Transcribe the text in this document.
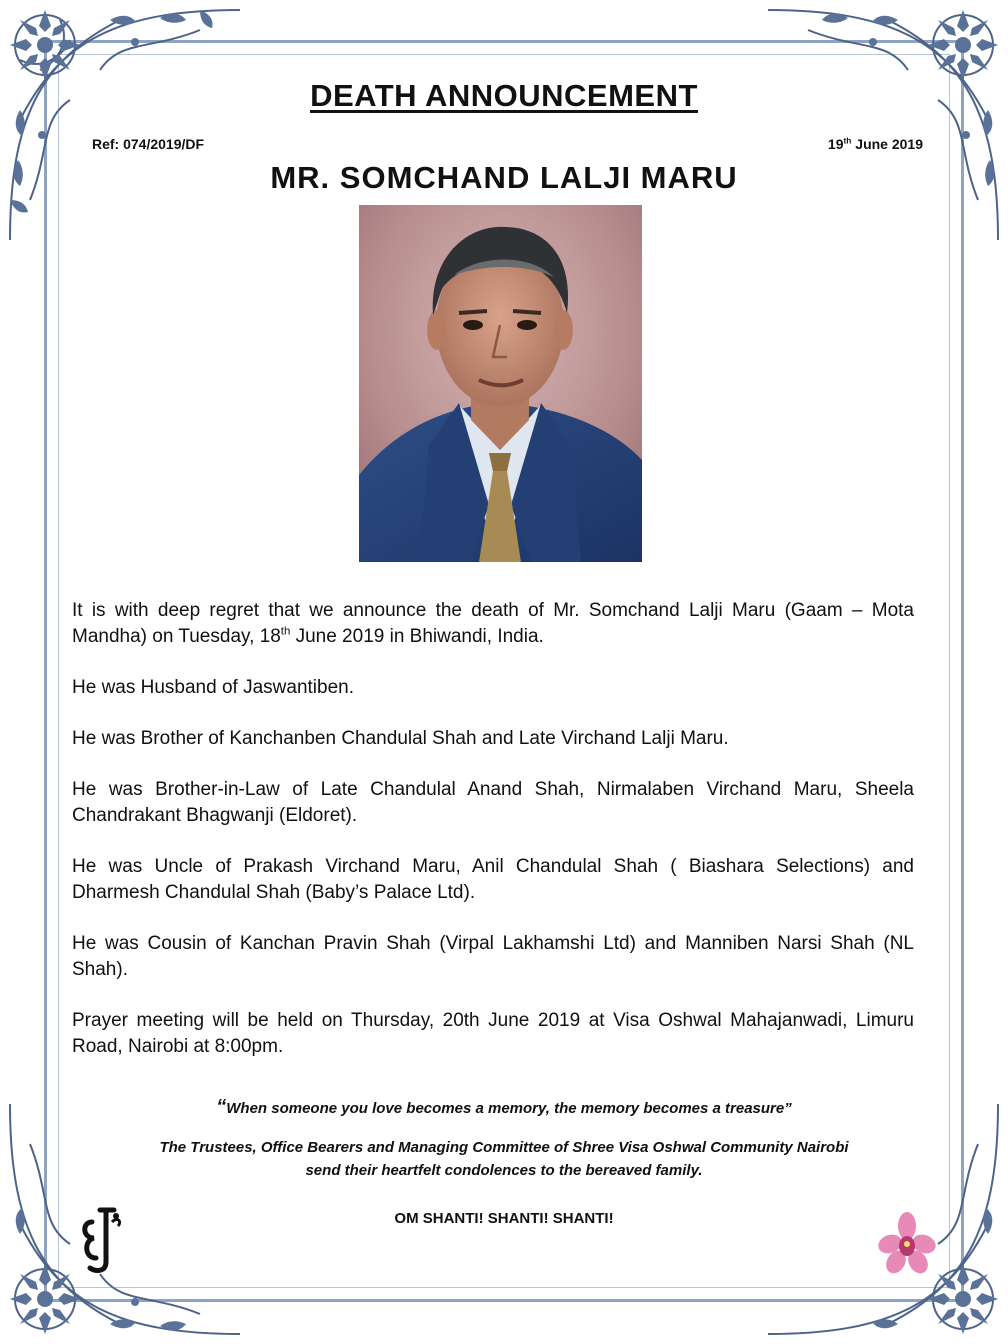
DEATH ANNOUNCEMENT
Ref: 074/2019/DF	19th June 2019
MR. SOMCHAND LALJI MARU

It is with deep regret that we announce the death of Mr. Somchand Lalji Maru (Gaam – Mota Mandha) on Tuesday, 18th June 2019 in Bhiwandi, India.

He was Husband of Jaswantiben.

He was Brother of Kanchanben Chandulal Shah and Late Virchand Lalji Maru.

He was Brother-in-Law of Late Chandulal Anand Shah, Nirmalaben Virchand Maru, Sheela Chandrakant Bhagwanji (Eldoret).

He was Uncle of Prakash Virchand Maru, Anil Chandulal Shah ( Biashara Selections) and Dharmesh Chandulal Shah (Baby’s Palace Ltd).

He was Cousin of Kanchan Pravin Shah (Virpal Lakhamshi Ltd) and Manniben Narsi Shah (NL Shah).

Prayer meeting will be held on Thursday, 20th June 2019 at Visa Oshwal Mahajanwadi, Limuru Road, Nairobi at 8:00pm.

“When someone you love becomes a memory, the memory becomes a treasure”

The Trustees, Office Bearers and Managing Committee of Shree Visa Oshwal Community Nairobi
send their heartfelt condolences to the bereaved family.

OM SHANTI! SHANTI! SHANTI!
